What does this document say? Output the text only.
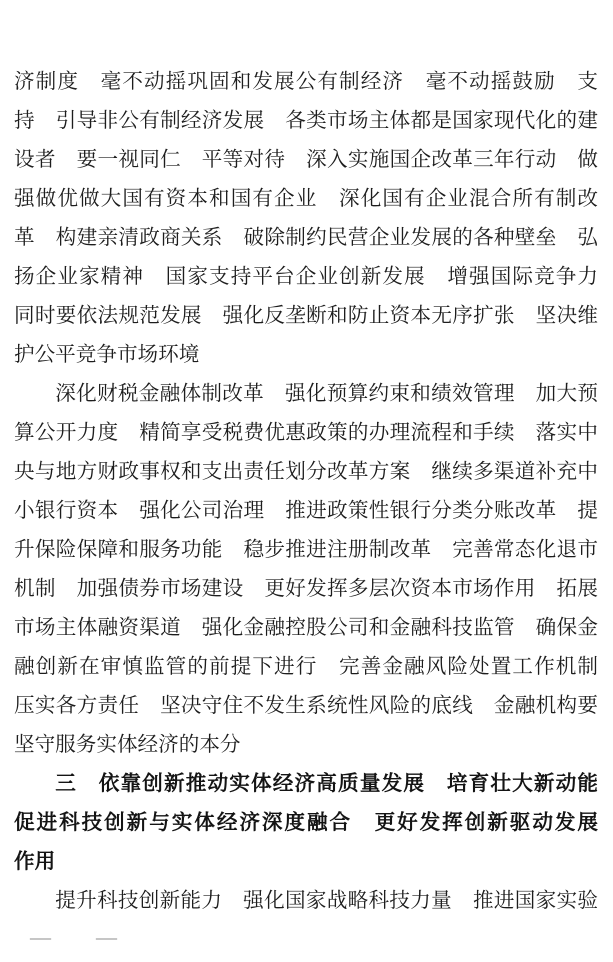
济制度　毫不动摇巩固和发展公有制经济　毫不动摇鼓励　支
持　引导非公有制经济发展　各类市场主体都是国家现代化的建
设者　要一视同仁　平等对待　深入实施国企改革三年行动　做
强做优做大国有资本和国有企业　深化国有企业混合所有制改
革　构建亲清政商关系　破除制约民营企业发展的各种壁垒　弘
扬企业家精神　国家支持平台企业创新发展　增强国际竞争力
同时要依法规范发展　强化反垄断和防止资本无序扩张　坚决维
护公平竞争市场环境
深化财税金融体制改革　强化预算约束和绩效管理　加大预
算公开力度　精简享受税费优惠政策的办理流程和手续　落实中
央与地方财政事权和支出责任划分改革方案　继续多渠道补充中
小银行资本　强化公司治理　推进政策性银行分类分账改革　提
升保险保障和服务功能　稳步推进注册制改革　完善常态化退市
机制　加强债券市场建设　更好发挥多层次资本市场作用　拓展
市场主体融资渠道　强化金融控股公司和金融科技监管　确保金
融创新在审慎监管的前提下进行　完善金融风险处置工作机制
压实各方责任　坚决守住不发生系统性风险的底线　金融机构要
坚守服务实体经济的本分
三　依靠创新推动实体经济高质量发展　培育壮大新动能
促进科技创新与实体经济深度融合　更好发挥创新驱动发展
作用
提升科技创新能力　强化国家战略科技力量　推进国家实验
— —
